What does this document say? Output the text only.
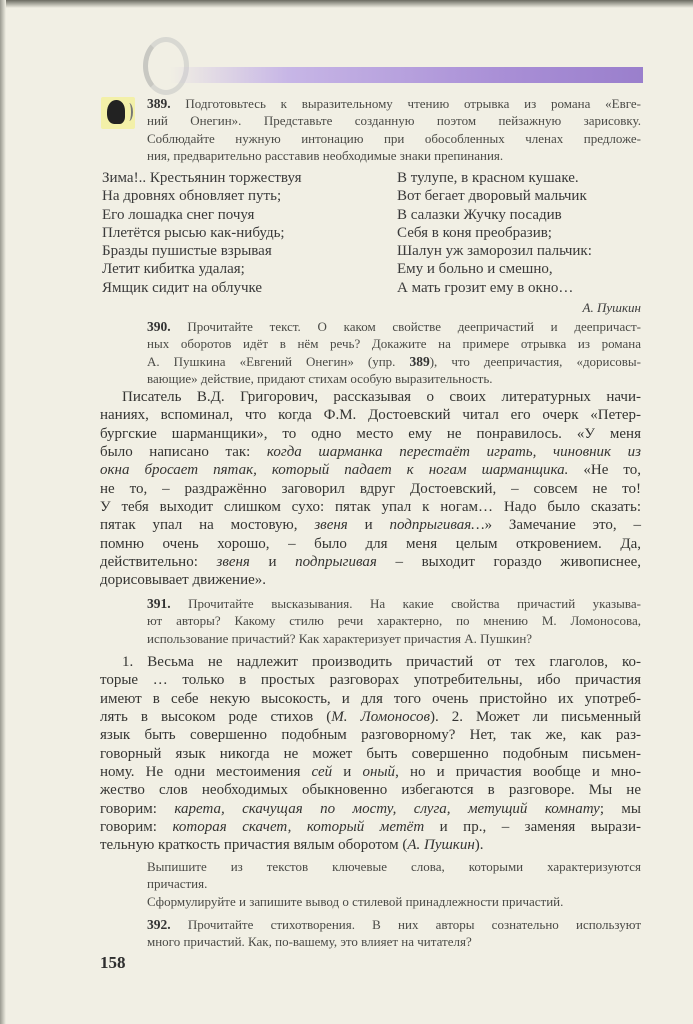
389. Подготовьтесь к выразительному чтению отрывка из романа «Евге-
ний Онегин». Представьте созданную поэтом пейзажную зарисовку.
Соблюдайте нужную интонацию при обособленных членах предложе-
ния, предварительно расставив необходимые знаки препинания.
Зима!.. Крестьянин торжествуя
На дровнях обновляет путь;
Его лошадка снег почуя
Плетётся рысью как-нибудь;
Бразды пушистые взрывая
Летит кибитка удалая;
Ямщик сидит на облучке
В тулупе, в красном кушаке.
Вот бегает дворовый мальчик
В салазки Жучку посадив
Себя в коня преобразив;
Шалун уж заморозил пальчик:
Ему и больно и смешно,
А мать грозит ему в окно…
А. Пушкин
390. Прочитайте текст. О каком свойстве деепричастий и деепричаст-
ных оборотов идёт в нём речь? Докажите на примере отрывка из романа
А. Пушкина «Евгений Онегин» (упр. 389), что деепричастия, «дорисовы-
вающие» действие, придают стихам особую выразительность.
Писатель В.Д. Григорович, рассказывая о своих литературных начи-
наниях, вспоминал, что когда Ф.М. Достоевский читал его очерк «Петер-
бургские шарманщики», то одно место ему не понравилось. «У меня
было написано так: когда шарманка перестаёт играть, чиновник из
окна бросает пятак, который падает к ногам шарманщика. «Не то,
не то, – раздражённо заговорил вдруг Достоевский, – совсем не то!
У тебя выходит слишком сухо: пятак упал к ногам… Надо было сказать:
пятак упал на мостовую, звеня и подпрыгивая…» Замечание это, –
помню очень хорошо, – было для меня целым откровением. Да,
действительно: звеня и подпрыгивая – выходит гораздо живописнее,
дорисовывает движение».
391. Прочитайте высказывания. На какие свойства причастий указыва-
ют авторы? Какому стилю речи характерно, по мнению М. Ломоносова,
использование причастий? Как характеризует причастия А. Пушкин?
1. Весьма не надлежит производить причастий от тех глаголов, ко-
торые … только в простых разговорах употребительны, ибо причастия
имеют в себе некую высокость, и для того очень пристойно их употреб-
лять в высоком роде стихов (М. Ломоносов). 2. Может ли письменный
язык быть совершенно подобным разговорному? Нет, так же, как раз-
говорный язык никогда не может быть совершенно подобным письмен-
ному. Не одни местоимения сей и оный, но и причастия вообще и мно-
жество слов необходимых обыкновенно избегаются в разговоре. Мы не
говорим: карета, скачущая по мосту, слуга, метущий комнату; мы
говорим: которая скачет, который метёт и пр., – заменяя вырази-
тельную краткость причастия вялым оборотом (А. Пушкин).
Выпишите из текстов ключевые слова, которыми характеризуются
причастия.
Сформулируйте и запишите вывод о стилевой принадлежности причастий.
392. Прочитайте стихотворения. В них авторы сознательно используют
много причастий. Как, по-вашему, это влияет на читателя?
158
